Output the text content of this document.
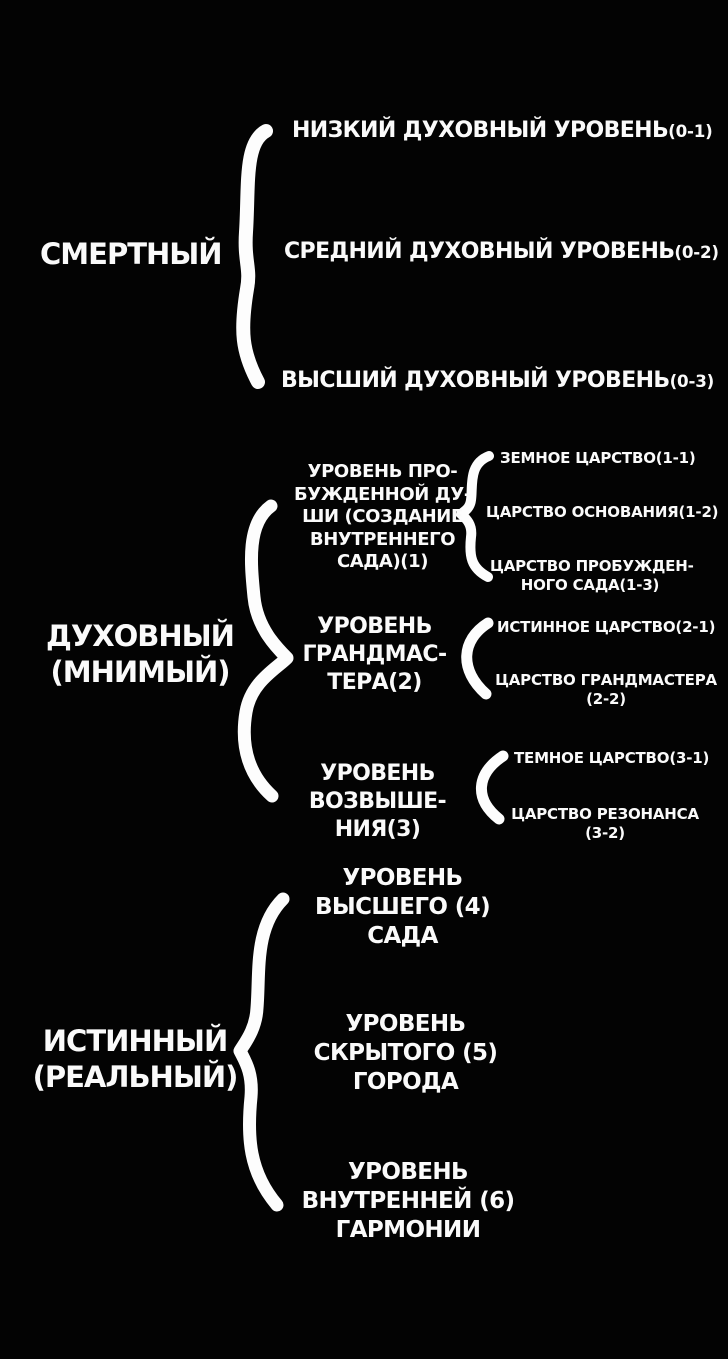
СМЕРТНЫЙ
НИЗКИЙ ДУХОВНЫЙ УРОВЕНЬ(0-1)
СРЕДНИЙ ДУХОВНЫЙ УРОВЕНЬ(0-2)
ВЫСШИЙ ДУХОВНЫЙ УРОВЕНЬ(0-3)
ДУХОВНЫЙ
(МНИМЫЙ)
УРОВЕНЬ ПРО-
БУЖДЕННОЙ ДУ-
ШИ (СОЗДАНИЕ
ВНУТРЕННЕГО
САДА)(1)
ЗЕМНОЕ ЦАРСТВО(1-1)
ЦАРСТВО ОСНОВАНИЯ(1-2)
ЦАРСТВО ПРОБУЖДЕН-
НОГО САДА(1-3)
УРОВЕНЬ
ГРАНДМАС-
ТЕРА(2)
ИСТИННОЕ ЦАРСТВО(2-1)
ЦАРСТВО ГРАНДМАСТЕРА
(2-2)
УРОВЕНЬ
ВОЗВЫШЕ-
НИЯ(3)
ТЕМНОЕ ЦАРСТВО(3-1)
ЦАРСТВО РЕЗОНАНСА
(3-2)
ИСТИННЫЙ
(РЕАЛЬНЫЙ)
УРОВЕНЬ
ВЫСШЕГО (4)
САДА
УРОВЕНЬ
СКРЫТОГО (5)
ГОРОДА
УРОВЕНЬ
ВНУТРЕННЕЙ (6)
ГАРМОНИИ
